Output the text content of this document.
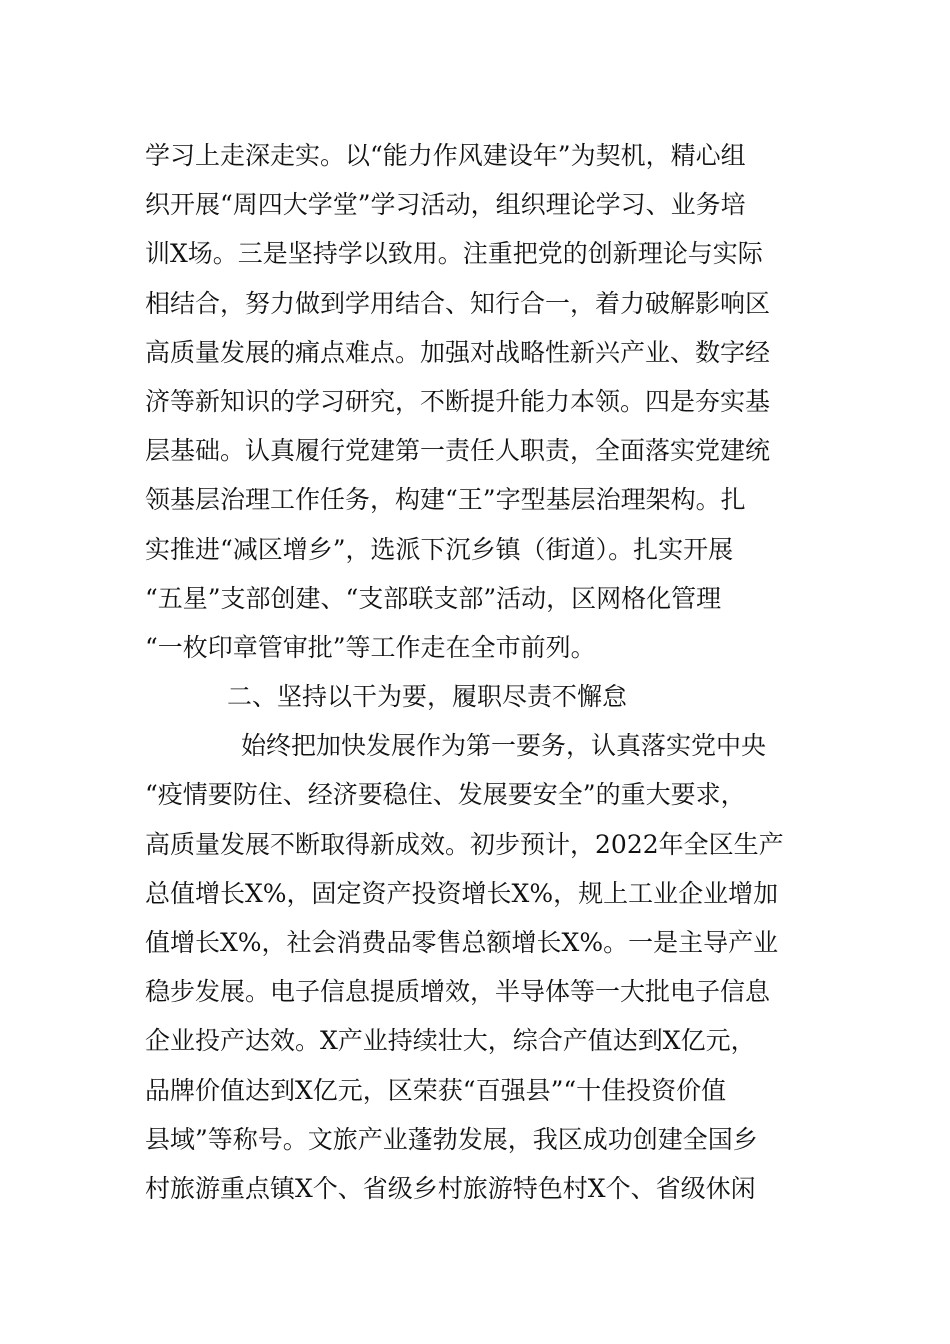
学习上走深走实。以“能力作风建设年”为契机，精心组
织开展“周四大学堂”学习活动，组织理论学习、业务培
训X场。三是坚持学以致用。注重把党的创新理论与实际
相结合，努力做到学用结合、知行合一，着力破解影响区
高质量发展的痛点难点。加强对战略性新兴产业、数字经
济等新知识的学习研究，不断提升能力本领。四是夯实基
层基础。认真履行党建第一责任人职责，全面落实党建统
领基层治理工作任务，构建“王”字型基层治理架构。扎
实推进“减区增乡”，选派下沉乡镇（街道）。扎实开展
“五星”支部创建、“支部联支部”活动，区网格化管理
“一枚印章管审批”等工作走在全市前列。
二、坚持以干为要，履职尽责不懈怠
始终把加快发展作为第一要务，认真落实党中央
“疫情要防住、经济要稳住、发展要安全”的重大要求，
高质量发展不断取得新成效。初步预计，2022年全区生产
总值增长X%，固定资产投资增长X%，规上工业企业增加
值增长X%，社会消费品零售总额增长X%。一是主导产业
稳步发展。电子信息提质增效，半导体等一大批电子信息
企业投产达效。X产业持续壮大，综合产值达到X亿元，
品牌价值达到X亿元，区荣获“百强县”“十佳投资价值
县域”等称号。文旅产业蓬勃发展，我区成功创建全国乡
村旅游重点镇X个、省级乡村旅游特色村X个、省级休闲
